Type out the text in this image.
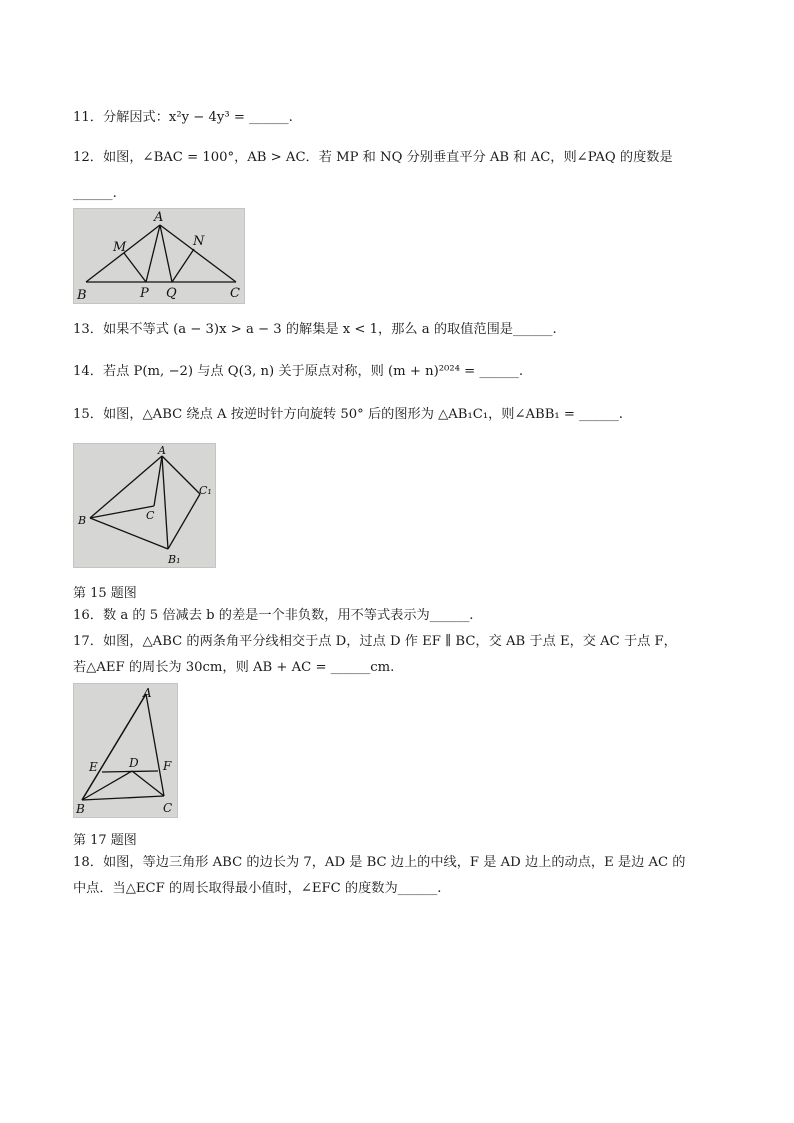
11．分解因式：x²y − 4y³ = ______.
12．如图，∠BAC = 100°，AB > AC．若 MP 和 NQ 分别垂直平分 AB 和 AC，则∠PAQ 的度数是
______.
A
M	N
B	P Q	C
13．如果不等式 (a − 3)x > a − 3 的解集是 x < 1，那么 a 的取值范围是______.
14．若点 P(m, −2) 与点 Q(3, n) 关于原点对称，则 (m + n)²⁰²⁴ = ______.
15．如图，△ABC 绕点 A 按逆时针方向旋转 50° 后的图形为 △AB₁C₁，则∠ABB₁ = ______.
A
B	C
C₁
B₁
第 15 题图
16．数 a 的 5 倍减去 b 的差是一个非负数，用不等式表示为______.
17．如图，△ABC 的两条角平分线相交于点 D，过点 D 作 EF ∥ BC，交 AB 于点 E，交 AC 于点 F，
若△AEF 的周长为 30cm，则 AB + AC = ______cm.
A
E	D F
B	C
第 17 题图
18．如图，等边三角形 ABC 的边长为 7，AD 是 BC 边上的中线，F 是 AD 边上的动点，E 是边 AC 的
中点．当△ECF 的周长取得最小值时，∠EFC 的度数为______.
